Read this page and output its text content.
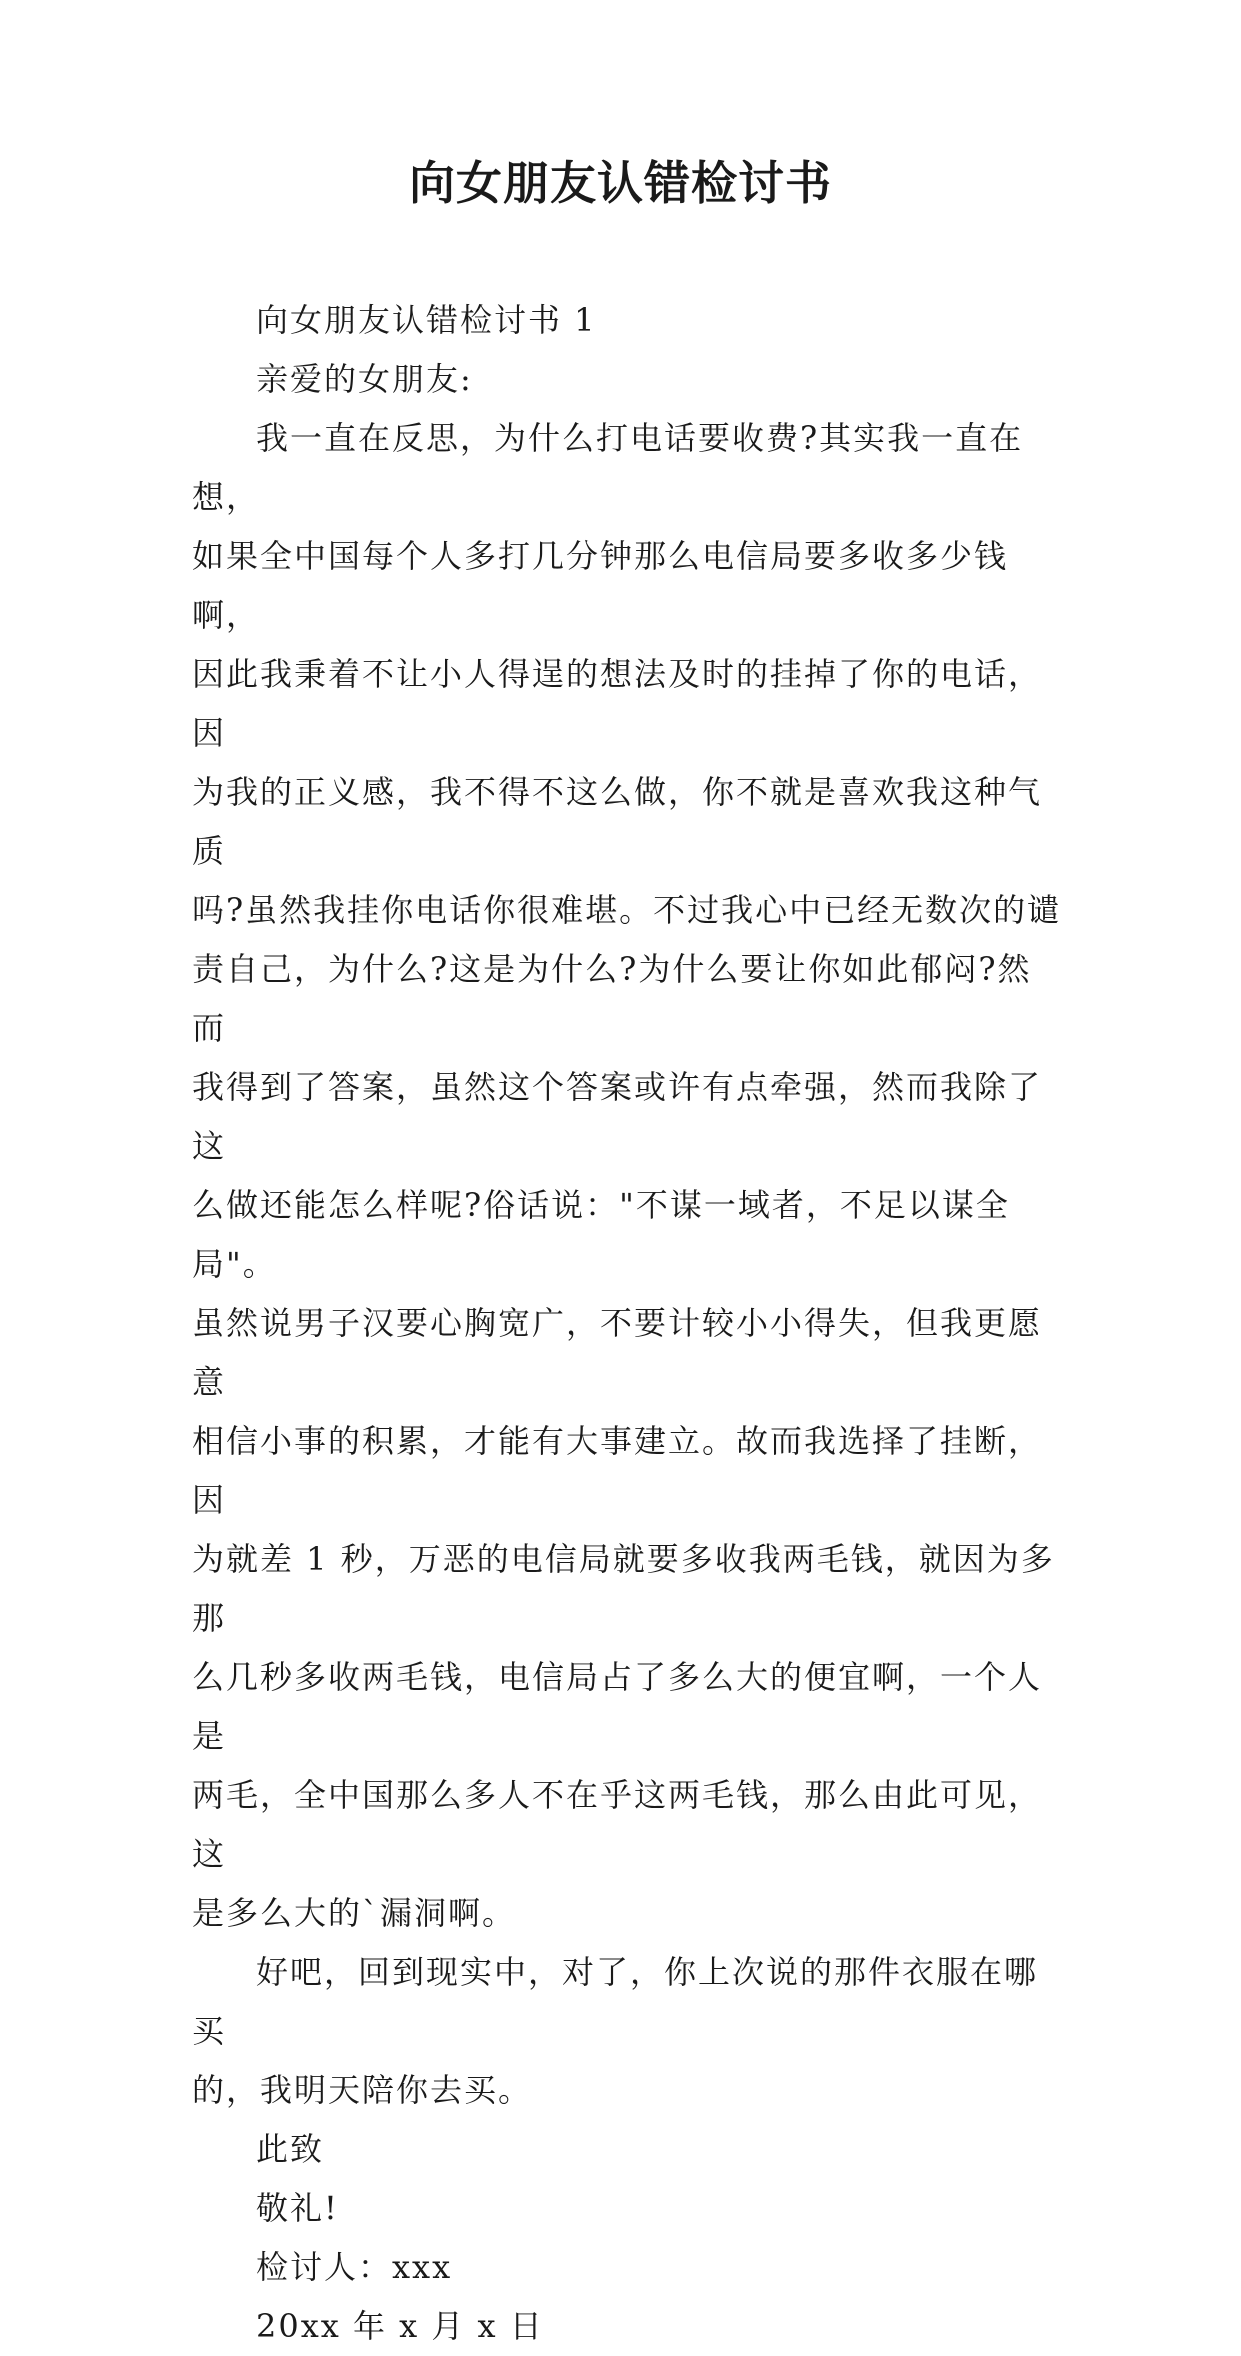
向女朋友认错检讨书
向女朋友认错检讨书 1
亲爱的女朋友:
我一直在反思，为什么打电话要收费?其实我一直在想，
如果全中国每个人多打几分钟那么电信局要多收多少钱啊，
因此我秉着不让小人得逞的想法及时的挂掉了你的电话，因
为我的正义感，我不得不这么做，你不就是喜欢我这种气质
吗?虽然我挂你电话你很难堪。不过我心中已经无数次的谴
责自己，为什么?这是为什么?为什么要让你如此郁闷?然而
我得到了答案，虽然这个答案或许有点牵强，然而我除了这
么做还能怎么样呢?俗话说："不谋一域者，不足以谋全局"。
虽然说男子汉要心胸宽广，不要计较小小得失，但我更愿意
相信小事的积累，才能有大事建立。故而我选择了挂断，因
为就差 1 秒，万恶的电信局就要多收我两毛钱，就因为多那
么几秒多收两毛钱，电信局占了多么大的便宜啊，一个人是
两毛，全中国那么多人不在乎这两毛钱，那么由此可见，这
是多么大的`漏洞啊。
好吧，回到现实中，对了，你上次说的那件衣服在哪买
的，我明天陪你去买。
此致
敬礼!
检讨人：xxx
20xx 年 x 月 x 日
